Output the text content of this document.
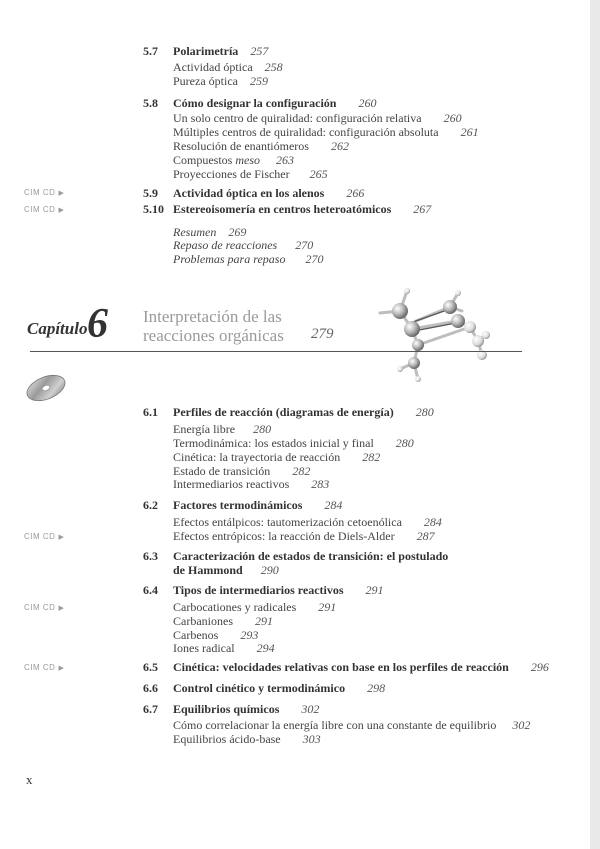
5.7 Polarimetría 257
Actividad óptica 258
Pureza óptica 259
5.8 Cómo designar la configuración 260
Un solo centro de quiralidad: configuración relativa 260
Múltiples centros de quiralidad: configuración absoluta 261
Resolución de enantiómeros 262
Compuestos meso 263
Proyecciones de Fischer 265
CIM CD ▶	5.9 Actividad óptica en los alenos 266
CIM CD ▶	5.10 Estereoisomería en centros heteroatómicos 267
Resumen 269
Repaso de reacciones 270
Problemas para repaso 270
Capítulo 6 Interpretación de las
reacciones orgánicas 279
6.1 Perfiles de reacción (diagramas de energía) 280
Energía libre 280
Termodinámica: los estados inicial y final 280
Cinética: la trayectoria de reacción 282
Estado de transición 282
Intermediarios reactivos 283
6.2 Factores termodinámicos 284
Efectos entálpicos: tautomerización cetoenólica 284
CIM CD ▶	Efectos entrópicos: la reacción de Diels-Alder 287
6.3 Caracterización de estados de transición: el postulado
de Hammond 290
6.4 Tipos de intermediarios reactivos 291
CIM CD ▶	Carbocationes y radicales 291
Carbaniones 291
Carbenos 293
Iones radical 294
CIM CD ▶	6.5 Cinética: velocidades relativas con base en los perfiles de reacción 296
6.6 Control cinético y termodinámico 298
6.7 Equilibrios químicos 302
Cómo correlacionar la energía libre con una constante de equilibrio 302
Equilibrios ácido-base 303
x
